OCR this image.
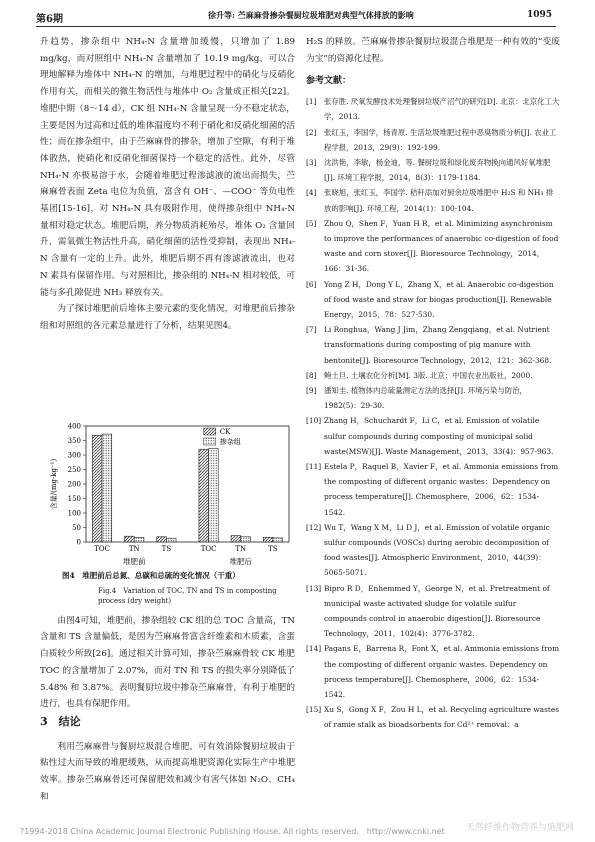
第6期	徐升等: 苎麻麻骨掺杂餐厨垃圾堆肥对典型气体排放的影响	1095

升趋势，掺杂组中 NH₄-N 含量增加缓慢，只增加了 1.89 mg/kg，而对照组中 NH₄-N 含量增加了 10.19 mg/kg，可以合理地解释为堆体中 NH₄-N 的增加，与堆肥过程中的硝化与反硝化作用有关，而相关的微生物活性与堆体中 O₂ 含量成正相关[22]。堆肥中期（8～14 d），CK 组 NH₄-N 含量呈现一分不稳定状态，主要是因为过高和过低的堆体温度均不利于硝化和反硝化细菌的活性；而在掺杂组中，由于苎麻麻骨的掺杂，增加了空隙，有利于堆体散热，使硝化和反硝化细菌保持一个稳定的活性。此外，尽管 NH₄-N 亦极易溶于水，会随着堆肥过程渗滤液的流出而损失，苎麻麻骨表面 Zeta 电位为负值，富含有 OH⁻、—COO⁻ 等负电性基团[15-16]，对 NH₄-N 具有吸附作用，使得掺杂组中 NH₄-N 量相对稳定状态。堆肥后期，养分物质消耗殆尽，堆体 O₂ 含量回升，需氧微生物活性升高，硝化细菌的活性受抑制，表现出 NH₄-N 含量有一定的上升。此外，堆肥后期不再有渗滤液流出，也对 N 素具有保留作用。与对照相比，掺杂组的 NH₄-N 相对较低，可能与多孔隙促进 NH₃ 释放有关。

为了探讨堆肥前后堆体主要元素的变化情况，对堆肥前后掺杂组和对照组的各元素总量进行了分析，结果见图4。

0
50
100
150
200
250
300
350
400
含量/(mg·kg⁻¹)
TOC	TN	TS	TOC	TN	TS
堆肥前	堆肥后
CK
掺杂组
图4　堆肥前后总氮、总碳和总硫的变化情况（干重）
Fig.4　Variation of TOC, TN and TS in composting process (dry weight)

由图4可知，堆肥前，掺杂组较 CK 组的总 TOC 含量高，TN 含量和 TS 含量偏低，是因为苎麻麻骨富含纤维素和木质素，含蛋白质较少所致[26]。通过相关计算可知，掺杂苎麻麻骨较 CK 堆肥 TOC 的含量增加了 2.07%，而对 TN 和 TS 的损失率分别降低了 5.48% 和 3.87%。表明餐厨垃圾中掺杂苎麻麻骨，有利于堆肥的进行，也具有保肥作用。

3　结论

利用苎麻麻骨与餐厨垃圾混合堆肥，可有效消除餐厨垃圾由于粘性过大而导致的堆肥缓熟，从而提高堆肥资源化实际生产中堆肥效率。掺杂苎麻麻骨还可保留肥效和减少有害气体如 N₂O、CH₄ 和

H₂S 的释放。苎麻麻骨掺杂餐厨垃圾混合堆肥是一种有效的“变废为宝”的资源化过程。

参考文献：

[1]	张存胜. 厌氧发酵技术处理餐厨垃圾产沼气的研究[D]. 北京：北京化工大学，2013.
[2]	张红玉，李国学，杨青原. 生活垃圾堆肥过程中恶臭物质分析[J]. 农业工程学报，2013，29(9)：192-199.
[3]	沈洪艳，李敏，杨金迪，等. 餐厨垃圾和绿化废弃物换向通风好氧堆肥[J]. 环境工程学报，2014，8(3)：1179-1184.
[4]	张晓旭，张红玉，李国学. 秸秆添加对厨余垃圾堆肥中 H₂S 和 NH₃ 排放的影响[J]. 环境工程，2014(1)：100-104.
[5]	Zhou Q，Shen F，Yuan H R，et al. Minimizing asynchronism to improve the performances of anaerobic co-digestion of food waste and corn stover[J]. Bioresource Technology，2014，166：31-36.
[6]	Yong Z H，Dong Y L，Zhang X，et al. Anaerobic co-digestion of food waste and straw for biogas production[J]. Renewable Energy，2015，78：527-530.
[7]	Li Ronghua，Wang J Jim，Zhang Zengqiang，et al. Nutrient transformations during composting of pig manure with bentonite[J]. Bioresource Technology，2012，121：362-368.
[8]	鲍士旦. 土壤农化分析[M]. 3版. 北京：中国农业出版社，2000.
[9]	潘知圭. 植物体内总硫量测定方法的选择[J]. 环境污染与防治，1982(5)：29-30.
[10] Zhang H，Schuchardt F，Li C，et al. Emission of volatile sulfur compounds during composting of municipal solid waste(MSW)[J]. Waste Management，2013，33(4)：957-963.
[11] Estela P，Raquel B，Xavier F，et al. Ammonia emissions from the composting of different organic wastes：Dependency on process temperature[J]. Chemosphere，2006，62：1534-1542.
[12] Wu T，Wang X M，Li D J，et al. Emission of volatile organic sulfur compounds (VOSCs) during aerobic decomposition of food wastes[J]. Atmospheric Environment，2010，44(39)：5065-5071.
[13] Bipro R D，Enhemmed Y，George N，et al. Pretreatment of municipal waste activated sludge for volatile sulfur compounds control in anaerobic digestion[J]. Bioresource Technology，2011，102(4)：3776-3782.
[14] Pagans E，Barrena R，Font X，et al. Ammonia emissions from the composting of different organic wastes. Dependency on process temperature[J]. Chemosphere，2006，62：1534-1542.
[15] Xu S，Gong X F，Zou H L，et al. Recycling agriculture wastes of ramie stalk as bioadsorbents for Cd²⁺ removal：a
?1994-2018 China Academic Journal Electronic Publishing House. All rights reserved.　http://www.cnki.net 天然纤维作物营养与施肥网
